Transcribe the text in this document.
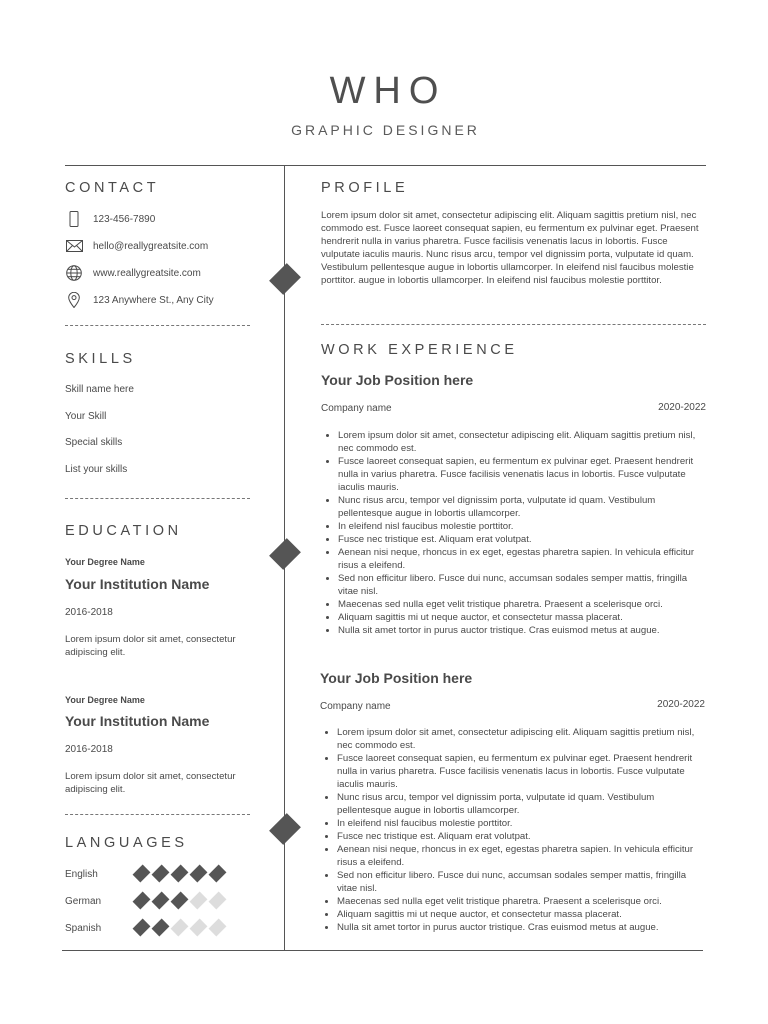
WHO
GRAPHIC DESIGNER
CONTACT
123-456-7890
hello@reallygreatsite.com
www.reallygreatsite.com
123 Anywhere St., Any City
SKILLS
Skill name here
Your Skill
Special skills
List your skills
EDUCATION
Your Degree Name
Your Institution Name
2016-2018
Lorem ipsum dolor sit amet, consectetur adipiscing elit.
Your Degree Name
Your Institution Name
2016-2018
Lorem ipsum dolor sit amet, consectetur adipiscing elit.
LANGUAGES
English
German
Spanish
PROFILE
Lorem ipsum dolor sit amet, consectetur adipiscing elit. Aliquam sagittis pretium nisl, nec commodo est. Fusce laoreet consequat sapien, eu fermentum ex pulvinar eget. Praesent hendrerit nulla in varius pharetra. Fusce facilisis venenatis lacus in lobortis. Fusce vulputate iaculis mauris. Nunc risus arcu, tempor vel dignissim porta, vulputate id quam. Vestibulum pellentesque augue in lobortis ullamcorper. In eleifend nisl faucibus molestie porttitor. augue in lobortis ullamcorper. In eleifend nisl faucibus molestie porttitor.
WORK EXPERIENCE
Your Job Position here
Company name	2020-2022
• Lorem ipsum dolor sit amet, consectetur adipiscing elit. Aliquam sagittis pretium nisl, nec commodo est.
• Fusce laoreet consequat sapien, eu fermentum ex pulvinar eget. Praesent hendrerit nulla in varius pharetra. Fusce facilisis venenatis lacus in lobortis. Fusce vulputate iaculis mauris.
• Nunc risus arcu, tempor vel dignissim porta, vulputate id quam. Vestibulum pellentesque augue in lobortis ullamcorper.
• In eleifend nisl faucibus molestie porttitor.
• Fusce nec tristique est. Aliquam erat volutpat.
• Aenean nisi neque, rhoncus in ex eget, egestas pharetra sapien. In vehicula efficitur risus a eleifend.
• Sed non efficitur libero. Fusce dui nunc, accumsan sodales semper mattis, fringilla vitae nisl.
• Maecenas sed nulla eget velit tristique pharetra. Praesent a scelerisque orci.
• Aliquam sagittis mi ut neque auctor, et consectetur massa placerat.
• Nulla sit amet tortor in purus auctor tristique. Cras euismod metus at augue.
Your Job Position here
Company name	2020-2022
• Lorem ipsum dolor sit amet, consectetur adipiscing elit. Aliquam sagittis pretium nisl, nec commodo est.
• Fusce laoreet consequat sapien, eu fermentum ex pulvinar eget. Praesent hendrerit nulla in varius pharetra. Fusce facilisis venenatis lacus in lobortis. Fusce vulputate iaculis mauris.
• Nunc risus arcu, tempor vel dignissim porta, vulputate id quam. Vestibulum pellentesque augue in lobortis ullamcorper.
• In eleifend nisl faucibus molestie porttitor.
• Fusce nec tristique est. Aliquam erat volutpat.
• Aenean nisi neque, rhoncus in ex eget, egestas pharetra sapien. In vehicula efficitur risus a eleifend.
• Sed non efficitur libero. Fusce dui nunc, accumsan sodales semper mattis, fringilla vitae nisl.
• Maecenas sed nulla eget velit tristique pharetra. Praesent a scelerisque orci.
• Aliquam sagittis mi ut neque auctor, et consectetur massa placerat.
• Nulla sit amet tortor in purus auctor tristique. Cras euismod metus at augue.
